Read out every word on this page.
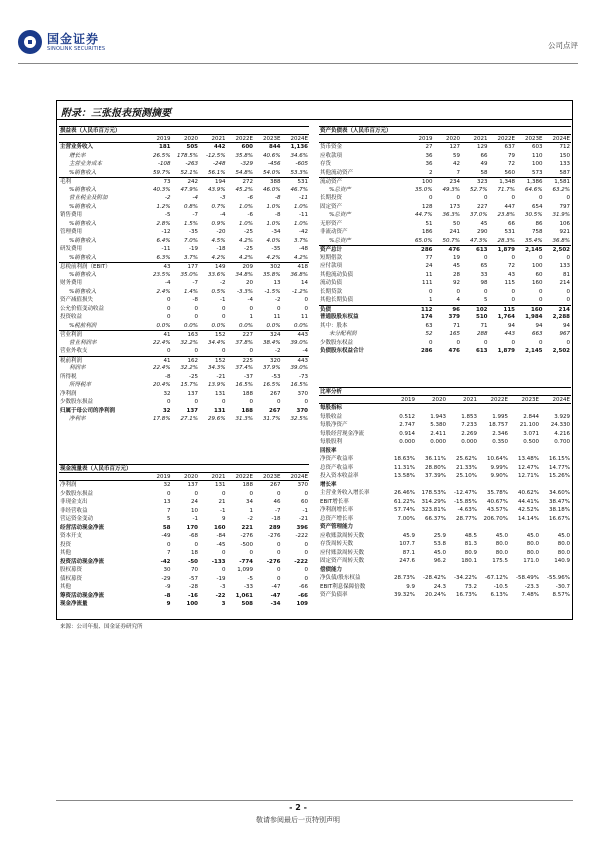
国金证券
SINOLINK SECURITIES	公司点评
附录：三张报表预测摘要
损益表（人民币百万元）
2019	2020	2021	2022E	2023E	2024E
主营业务收入	181	505	442	600	844	1,136
增长率	26.5%	178.5%	-12.5%	35.8%	40.6%	34.6%
主营业务成本	-108	-263	-248	-329	-456	-605
%销售收入	59.7%	52.1%	56.1%	54.8%	54.0%	53.3%
毛利	73	242	194	272	388	531
%销售收入	40.3%	47.9%	43.9%	45.2%	46.0%	46.7%
营业税金及附加	-2	-4	-3	-6	-8	-11
%销售收入	1.2%	0.8%	0.7%	1.0%	1.0%	1.0%
销售费用	-5	-7	-4	-6	-8	-11
%销售收入	2.8%	1.5%	0.9%	1.0%	1.0%	1.0%
管理费用	-12	-35	-20	-25	-34	-42
%销售收入	6.4%	7.0%	4.5%	4.2%	4.0%	3.7%
研发费用	-11	-19	-18	-25	-35	-48
%销售收入	6.3%	3.7%	4.2%	4.2%	4.2%	4.2%
息税前利润（EBIT）	43	177	149	209	302	418
%销售收入	23.5%	35.0%	33.6%	34.8%	35.8%	36.8%
财务费用	-4	-7	-2	20	13	14
%销售收入	2.4%	1.4%	0.5%	-3.3%	-1.5%	-1.2%
资产减值损失	0	-8	-1	-4	-2	0
公允价值变动收益	0	0	0	0	0	0
投资收益	0	0	0	1	11	11
%税前利润	0.0%	0.0%	0.0%	0.0%	0.0%	0.0%
营业利润	41	163	152	227	324	443
营业利润率	22.4%	32.2%	34.4%	37.8%	38.4%	39.0%
营业外收支	0	0	0	0	-2	-4
税前利润	41	162	152	225	320	443
利润率	22.4%	32.2%	34.3%	37.4%	37.9%	39.0%
所得税	-8	-25	-21	-37	-53	-73
所得税率	20.4%	15.7%	13.9%	16.5%	16.5%	16.5%
净利润	32	137	131	188	267	370
少数股东损益	0	0	0	0	0	0
归属于母公司的净利润	32	137	131	188	267	370
净利率	17.8%	27.1%	29.6%	31.3%	31.7%	32.5%
资产负债表（人民币百万元）
2019	2020	2021	2022E	2023E	2024E
货币资金	27	127	129	637	603	712
应收款项	36	59	66	79	110	150
存货	36	42	49	72	100	133
其他流动资产	2	7	58	560	573	587
流动资产	100	234	323	1,348	1,386	1,581
%总资产	35.0%	49.3%	52.7%	71.7%	64.6%	63.2%
长期投资	0	0	0	0	0	0
固定资产	128	173	227	447	654	797
%总资产	44.7%	36.3%	37.0%	23.8%	30.5%	31.9%
无形资产	51	50	45	66	86	106
非流动资产	186	241	290	531	758	921
%总资产	65.0%	50.7%	47.3%	28.3%	35.4%	36.8%
资产总计	286	476	613	1,879	2,145	2,502
短期借款	77	19	0	0	0	0
应付款项	24	45	65	72	100	133
其他流动负债	11	28	33	43	60	81
流动负债	111	92	98	115	160	214
长期贷款	0	0	0	0	0	0
其他长期负债	1	4	5	0	0	0
负债	112	96	102	115	160	214
普通股股东权益	174	379	510	1,764	1,984	2,288
其中：股本	63	71	71	94	94	94
未分配利润	52	165	288	443	663	967
少数股东权益	0	0	0	0	0	0
负债股东权益合计	286	476	613	1,879	2,145	2,502
比率分析
2019	2020	2021	2022E	2023E	2024E
每股指标
每股收益	0.512	1.943	1.853	1.995	2.844	3.929
每股净资产	2.747	5.380	7.233	18.757	21.100	24.330
每股经营现金净流	0.914	2.411	2.269	2.346	3.071	4.216
每股股利	0.000	0.000	0.000	0.350	0.500	0.700
回报率
净资产收益率	18.63%	36.11%	25.62%	10.64%	13.48%	16.15%
总资产收益率	11.31%	28.80%	21.33%	9.99%	12.47%	14.77%
投入资本收益率	13.58%	37.39%	25.10%	9.90%	12.71%	15.26%
增长率
主营业务收入增长率	26.46%	178.53%	-12.47%	35.78%	40.62%	34.60%
EBIT增长率	61.22%	314.29%	-15.85%	40.67%	44.41%	38.47%
净利润增长率	57.74%	323.81%	-4.63%	43.57%	42.52%	38.18%
总资产增长率	7.00%	66.37%	28.77%	206.70%	14.14%	16.67%
资产管理能力
应收账款周转天数	45.9	25.9	48.5	45.0	45.0	45.0
存货周转天数	107.7	53.8	81.3	80.0	80.0	80.0
应付账款周转天数	87.1	45.0	80.9	80.0	80.0	80.0
固定资产周转天数	247.6	96.2	180.1	175.5	171.0	140.9
偿债能力
净负债/股东权益	28.73%	-28.42%	-34.22%	-67.12%	-58.49%	-55.96%
EBIT利息保障倍数	9.9	24.3	73.2	-10.5	-23.3	-30.7
资产负债率	39.32%	20.24%	16.73%	6.13%	7.48%	8.57%
现金流量表（人民币百万元）
2019	2020	2021	2022E	2023E	2024E
净利润	32	137	131	188	267	370
少数股东损益	0	0	0	0	0	0
非现金支出	13	24	21	34	46	60
非经营收益	7	10	-1	1	-7	-1
营运资金变动	5	-1	9	-2	-18	-21
经营活动现金净流	58	170	160	221	289	396
资本开支	-49	-68	-84	-276	-276	-222
投资	0	0	-45	-500	0	0
其他	7	18	0	0	0	0
投资活动现金净流	-42	-50	-133	-774	-276	-222
股权募资	30	70	0	1,099	0	0
债权募资	-29	-57	-19	-5	0	0
其他	-9	-28	-3	-33	-47	-66
筹资活动现金净流	-8	-16	-22	1,061	-47	-66
现金净流量	9	100	3	508	-34	109
来源：公司年报、国金证券研究所
- 2 -
敬请参阅最后一页特别声明
